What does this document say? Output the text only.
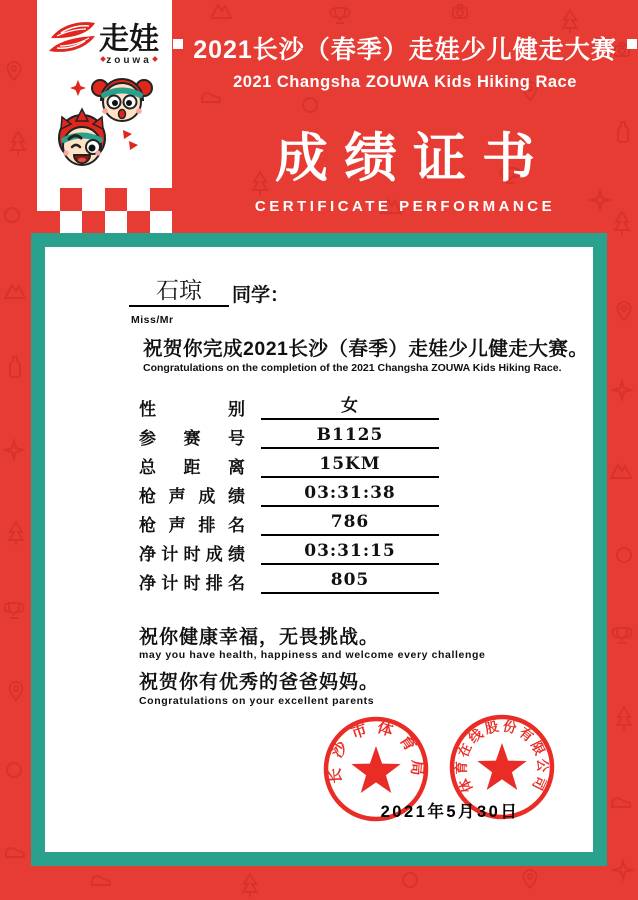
走娃
zouwa 2021长沙（春季）走娃少儿健走大赛
2021 Changsha ZOUWA Kids Hiking Race
成绩证书
CERTIFICATE PERFORMANCE
石琼	同学：
Miss/Mr
祝贺你完成2021长沙（春季）走娃少儿健走大赛。
Congratulations on the completion of the 2021 Changsha ZOUWA Kids Hiking Race.
性别	女
参赛号	B1125
总距离	15KM
枪声成绩	03:31:38
枪声排名	786
净计时成绩	03:31:15
净计时排名	805
祝你健康幸福，无畏挑战。
may you have health, happiness and welcome every challenge
祝贺你有优秀的爸爸妈妈。
Congratulations on your excellent parents
长沙市体育局
体育在线股份有限公司
2021年5月30日
